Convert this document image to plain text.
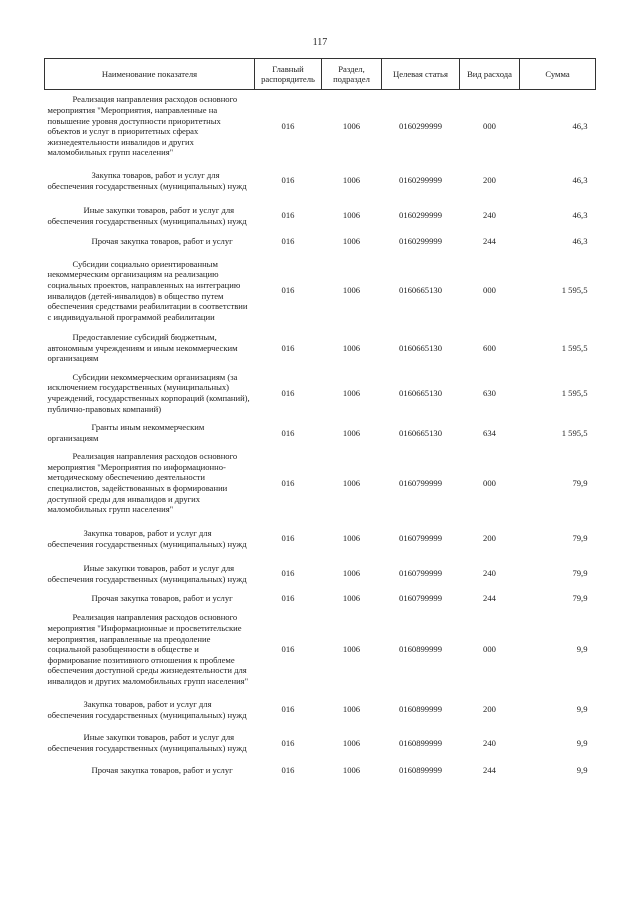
117
Наименование показателя	Главный распорядитель	Раздел, подраздел	Целевая статья	Вид расхода	Сумма
Реализация направления расходов основного мероприятия "Мероприятия, направленные на повышение уровня доступности приоритетных объектов и услуг в приоритетных сферах жизнедеятельности инвалидов и других маломобильных групп населения"	016	1006	0160299999	000	46,3
Закупка товаров, работ и услуг для обеспечения государственных (муниципальных) нужд	016	1006	0160299999	200	46,3
Иные закупки товаров, работ и услуг для обеспечения государственных (муниципальных) нужд	016	1006	0160299999	240	46,3
Прочая закупка товаров, работ и услуг	016	1006	0160299999	244	46,3
Субсидии социально ориентированным некоммерческим организациям на реализацию социальных проектов, направленных на интеграцию инвалидов (детей-инвалидов) в общество путем обеспечения средствами реабилитации в соответствии с индивидуальной программой реабилитации	016	1006	0160665130	000	1 595,5
Предоставление субсидий бюджетным, автономным учреждениям и иным некоммерческим организациям	016	1006	0160665130	600	1 595,5
Субсидии некоммерческим организациям (за исключением государственных (муниципальных) учреждений, государственных корпораций (компаний), публично-правовых компаний)	016	1006	0160665130	630	1 595,5
Гранты иным некоммерческим организациям	016	1006	0160665130	634	1 595,5
Реализация направления расходов основного мероприятия "Мероприятия по информационно-методическому обеспечению деятельности специалистов, задействованных в формировании доступной среды для инвалидов и других маломобильных групп населения"	016	1006	0160799999	000	79,9
Закупка товаров, работ и услуг для обеспечения государственных (муниципальных) нужд	016	1006	0160799999	200	79,9
Иные закупки товаров, работ и услуг для обеспечения государственных (муниципальных) нужд	016	1006	0160799999	240	79,9
Прочая закупка товаров, работ и услуг	016	1006	0160799999	244	79,9
Реализация направления расходов основного мероприятия "Информационные и просветительские мероприятия, направленные на преодоление социальной разобщенности в обществе и формирование позитивного отношения к проблеме обеспечения доступной среды жизнедеятельности для инвалидов и других маломобильных групп населения"	016	1006	0160899999	000	9,9
Закупка товаров, работ и услуг для обеспечения государственных (муниципальных) нужд	016	1006	0160899999	200	9,9
Иные закупки товаров, работ и услуг для обеспечения государственных (муниципальных) нужд	016	1006	0160899999	240	9,9
Прочая закупка товаров, работ и услуг	016	1006	0160899999	244	9,9
